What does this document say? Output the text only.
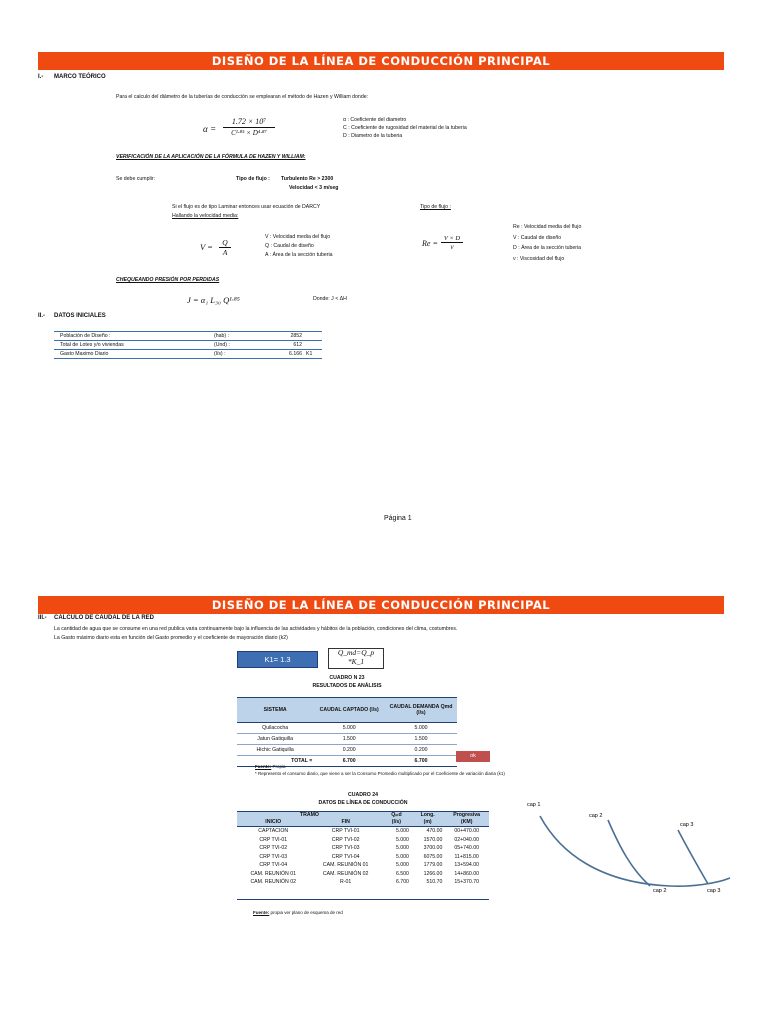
DISEÑO DE LA LÍNEA DE CONDUCCIÓN PRINCIPAL
I.- MARCO TEÓRICO
Para el calculo del diámetro de la tuberías de conducción se emplearan el método de Hazen y William donde:
α =
1.72 × 10⁷
C¹·⁸⁵ × D⁴·⁸⁷
α : Coeficiente del diametro
C : Coeficiente de rugosidad del material de la tuberia
D : Diametro de la tuberia
VERIFICACIÓN DE LA APLICACIÓN DE LA FÓRMULA DE HAZEN Y WILLIAM:
Se debe cumplir:	Tipo de flujo : Turbulento Re > 2300
Velocidad < 3 m/seg
Si el flujo es de tipo Laminar entonces usar ecuación de DARCY
Hallando la velocidad media:
Tipo de flujo :
V =	Q
A
V : Velocidad media del flujo
Q : Caudal de diseño
A : Área de la sección tuberia
Re =
V × D
ν
Re : Velocidad media del flujo
V : Caudal de diseño
D : Área de la sección tuberia
ν : Viscosidad del flujo
CHEQUEANDO PRESIÓN POR PERDIDAS
J = α₁ L₃₀ Q¹·⁸⁵	Donde: J < ΔH
II.- DATOS INICIALES
Población de Diseño :	(hab) :	2852	
Total de Lotes y/o viviendas	(Und) :	612	
Gasto Maximo Diario	(l/s) :	6.166	K1
Página 1
DISEÑO DE LA LÍNEA DE CONDUCCIÓN PRINCIPAL
III.- CALCULO DE CAUDAL DE LA RED
La cantidad de agua que se consume en una red publica varia continuamente bajo la influencia de las actividades y hábitos de la población, condiciones del clima, costumbres.
La Gasto máximo diario esta en función del Gasto promedio y el coeficiente de mayoración diario (k2)
K1= 1.3
Q_md=Q_p *K_1
CUADRO N 23
RESULTADOS DE ANÁLISIS
SISTEMA	CAUDAL CAPTADO (l/s)	CAUDAL DEMANDA Qmd (l/s)
Quilacocha	5.000	5.000
Jatun Gatiquilla	1.500	1.500
Hichic Gatiquilla	0.200	0.200
TOTAL =	6.700	6.700
ok
Fuente: Propia
* Represento el consumo diario, que viene a ser la Consumo Promedio multiplicado por el Coeficiente de variación diaria (k1)
CUADRO 24
DATOS DE LÍNEA DE CONDUCCIÓN
TRAMO		Qₘd	Long.	Progresiva
INICIO	FIN	(l/s)	(m)	(KM)
CAPTACION	CRP TVI-01	5.000	470.00	00+470.00
CRP TVI-01	CRP TVI-02	5.000	1570.00	02+040.00
CRP TVI-02	CRP TVI-03	5.000	3700.00	05+740.00
CRP TVI-03	CRP TVI-04	5.000	6075.00	11+815.00
CRP TVI-04	CAM. REUNIÓN 01	5.000	1779.00	13+594.00
CAM. REUNIÓN 01	CAM. REUNIÓN 02	6.500	1266.00	14+860.00
CAM. REUNIÓN 02	R-01	6.700	510.70	15+370.70
Fuente: propia ver plano de esquema de red
cap 1
cap 2
cap 3
cap 2	cap 3
